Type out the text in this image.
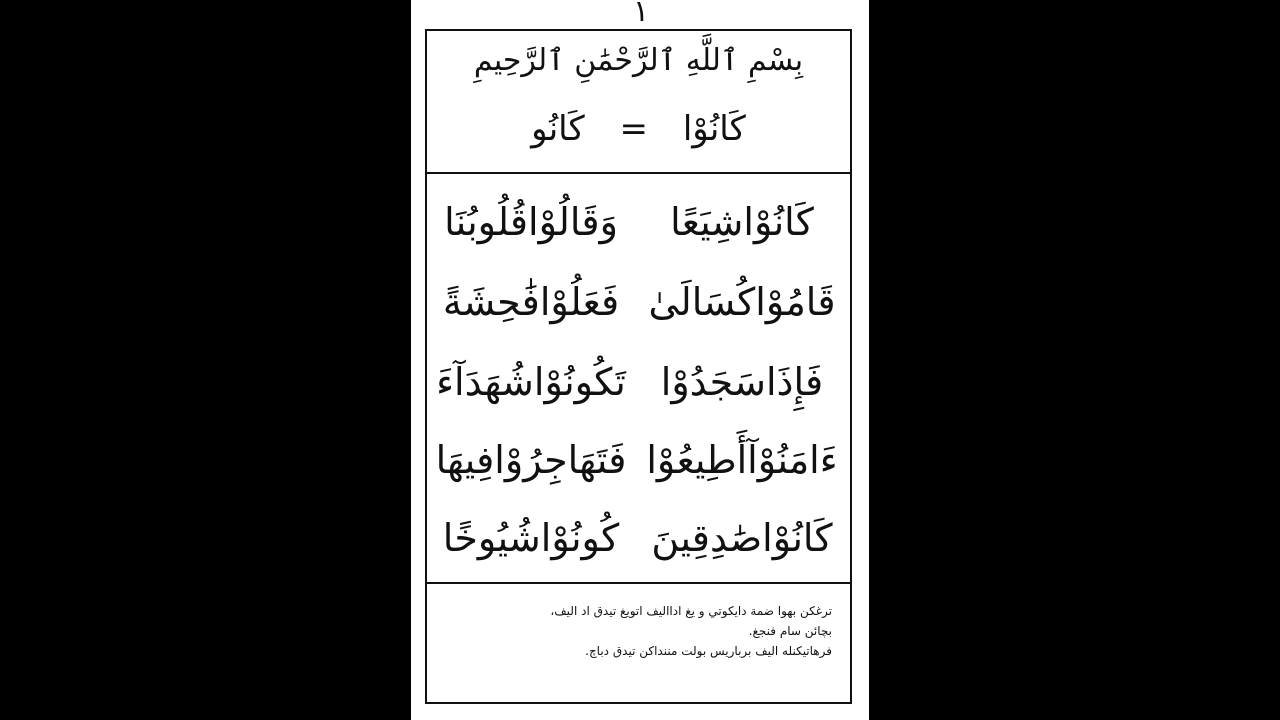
١
بِسْمِ ٱللَّهِ ٱلرَّحْمَٰنِ ٱلرَّحِيمِ
كَانُوْا = كَانُو
كَانُوْاشِيَعًا
وَقَالُوْاقُلُوبُنَا
قَامُوْاكُسَالَىٰ
فَعَلُوْافَٰحِشَةً
فَإِذَاسَجَدُوْا
تَكُونُوْاشُهَدَآءَ
ءَامَنُوْآأَطِيعُوْا
فَتَهَاجِرُوْافِيهَا
كَانُوْاصَٰدِقِينَ
كُونُوْاشُيُوخًا
ترغكن بهوا ضمة دايكوتي و يغ ادااليف اتويغ تيدق اد اليف،
بچائن سام فنجغ.
فرهاتيكنله اليف برباريس بولت مننداكن تيدق دباچ.
